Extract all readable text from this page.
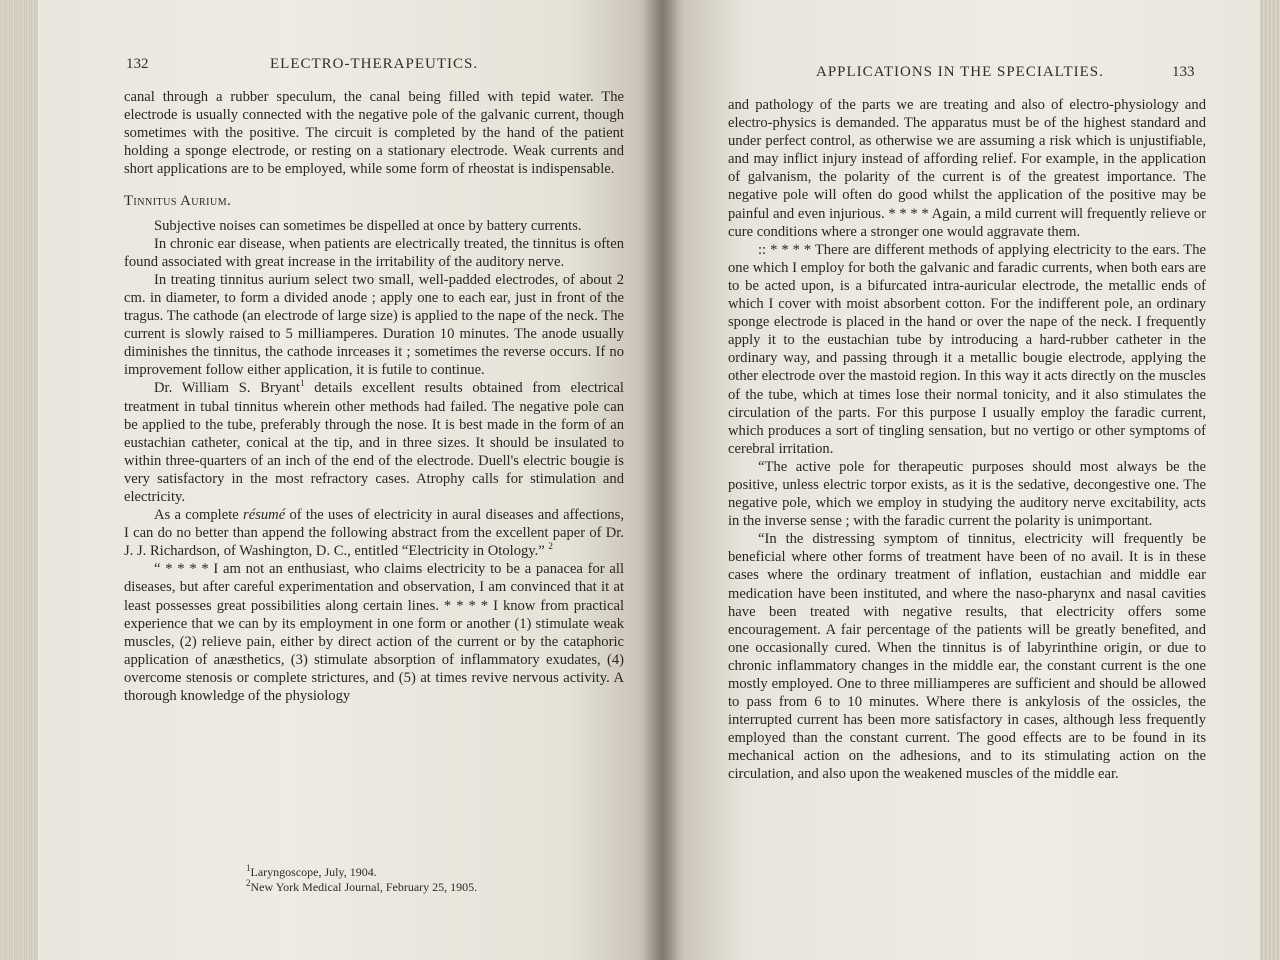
132	ELECTRO-THERAPEUTICS.

canal through a rubber speculum, the canal being filled with tepid water. The electrode is usually connected with the negative pole of the galvanic current, though sometimes with the positive. The circuit is completed by the hand of the patient holding a sponge electrode, or resting on a stationary electrode. Weak currents and short applications are to be employed, while some form of rheostat is indispensable.

Tinnitus Aurium.

Subjective noises can sometimes be dispelled at once by battery currents.

In chronic ear disease, when patients are electrically treated, the tinnitus is often found associated with great increase in the irritability of the auditory nerve.

In treating tinnitus aurium select two small, well-padded electrodes, of about 2 cm. in diameter, to form a divided anode ; apply one to each ear, just in front of the tragus. The cathode (an electrode of large size) is applied to the nape of the neck. The current is slowly raised to 5 milliamperes. Duration 10 minutes. The anode usually diminishes the tinnitus, the cathode inrceases it ; sometimes the reverse occurs. If no improvement follow either application, it is futile to continue.

Dr. William S. Bryant$^1$ details excellent results obtained from electrical treatment in tubal tinnitus wherein other methods had failed. The negative pole can be applied to the tube, preferably through the nose. It is best made in the form of an eustachian catheter, conical at the tip, and in three sizes. It should be insulated to within three-quarters of an inch of the end of the electrode. Duell's electric bougie is very satisfactory in the most refractory cases. Atrophy calls for stimulation and electricity.

As a complete résumé of the uses of electricity in aural diseases and affections, I can do no better than append the following abstract from the excellent paper of Dr. J. J. Richardson, of Washington, D. C., entitled “Electricity in Otology.” $^2$

“ * * * * I am not an enthusiast, who claims electricity to be a panacea for all diseases, but after careful experimentation and observation, I am convinced that it at least possesses great possibilities along certain lines. * * * * I know from practical experience that we can by its employment in one form or another (1) stimulate weak muscles, (2) relieve pain, either by direct action of the current or by the cataphoric application of anæsthetics, (3) stimulate absorption of inflammatory exudates, (4) overcome stenosis or complete strictures, and (5) at times revive nervous activity. A thorough knowledge of the physiology

$^1$Laryngoscope, July, 1904.
$^2$New York Medical Journal, February 25, 1905.
APPLICATIONS IN THE SPECIALTIES.	133

and pathology of the parts we are treating and also of electro-physiology and electro-physics is demanded. The apparatus must be of the highest standard and under perfect control, as otherwise we are assuming a risk which is unjustifiable, and may inflict injury instead of affording relief. For example, in the application of galvanism, the polarity of the current is of the greatest importance. The negative pole will often do good whilst the application of the positive may be painful and even injurious. * * * * Again, a mild current will frequently relieve or cure conditions where a stronger one would aggravate them.

:: * * * * There are different methods of applying electricity to the ears. The one which I employ for both the galvanic and faradic currents, when both ears are to be acted upon, is a bifurcated intra-auricular electrode, the metallic ends of which I cover with moist absorbent cotton. For the indifferent pole, an ordinary sponge electrode is placed in the hand or over the nape of the neck. I frequently apply it to the eustachian tube by introducing a hard-rubber catheter in the ordinary way, and passing through it a metallic bougie electrode, applying the other electrode over the mastoid region. In this way it acts directly on the muscles of the tube, which at times lose their normal tonicity, and it also stimulates the circulation of the parts. For this purpose I usually employ the faradic current, which produces a sort of tingling sensation, but no vertigo or other symptoms of cerebral irritation.

“The active pole for therapeutic purposes should most always be the positive, unless electric torpor exists, as it is the sedative, decongestive one. The negative pole, which we employ in studying the auditory nerve excitability, acts in the inverse sense ; with the faradic current the polarity is unimportant.

“In the distressing symptom of tinnitus, electricity will frequently be beneficial where other forms of treatment have been of no avail. It is in these cases where the ordinary treatment of inflation, eustachian and middle ear medication have been instituted, and where the naso-pharynx and nasal cavities have been treated with negative results, that electricity offers some encouragement. A fair percentage of the patients will be greatly benefited, and one occasionally cured. When the tinnitus is of labyrinthine origin, or due to chronic inflammatory changes in the middle ear, the constant current is the one mostly employed. One to three milliamperes are sufficient and should be allowed to pass from 6 to 10 minutes. Where there is ankylosis of the ossicles, the interrupted current has been more satisfactory in cases, although less frequently employed than the constant current. The good effects are to be found in its mechanical action on the adhesions, and to its stimulating action on the circulation, and also upon the weakened muscles of the middle ear.
